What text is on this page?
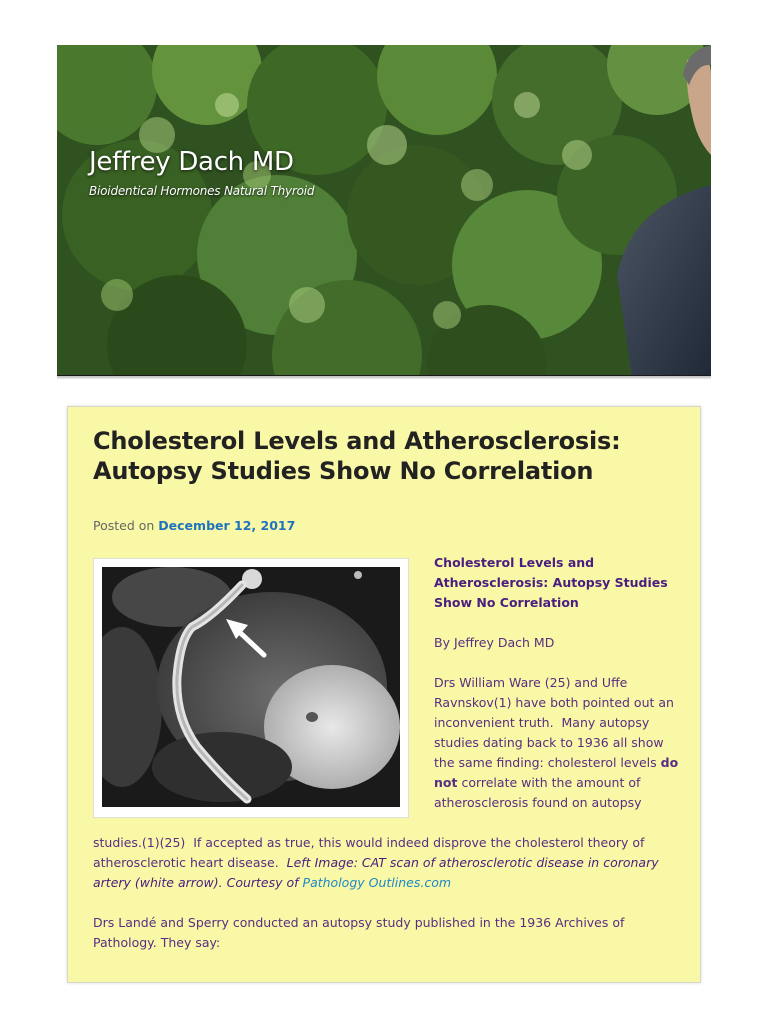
Jeffrey Dach MD

Bioidentical Hormones Natural Thyroid

Cholesterol Levels and Atherosclerosis: Autopsy Studies Show No Correlation
Posted on December 12, 2017

Cholesterol Levels and Atherosclerosis: Autopsy Studies Show No Correlation

By Jeffrey Dach MD

Drs William Ware (25) and Uffe Ravnskov(1) have both pointed out an inconvenient truth.  Many autopsy studies dating back to 1936 all show the same finding: cholesterol levels do not correlate with the amount of atherosclerosis found on autopsy

studies.(1)(25)  If accepted as true, this would indeed disprove the cholesterol theory of atherosclerotic heart disease.  Left Image: CAT scan of atherosclerotic disease in coronary artery (white arrow). Courtesy of Pathology Outlines.com

Drs Landé and Sperry conducted an autopsy study published in the 1936 Archives of Pathology. They say:
